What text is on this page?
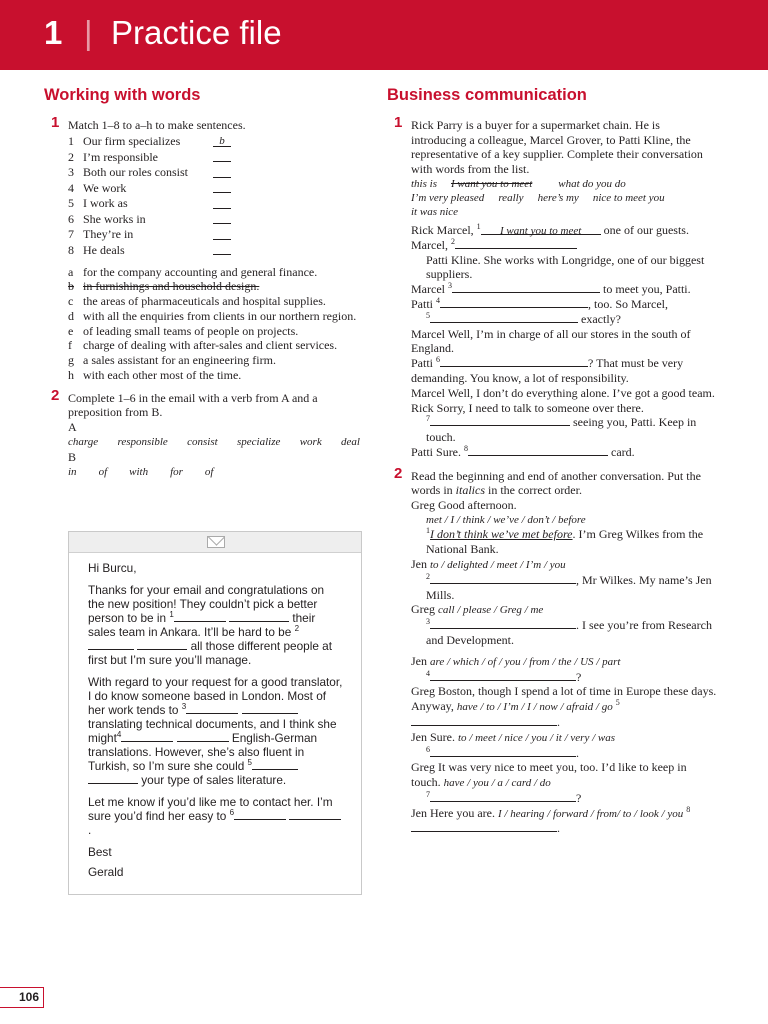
1 | Practice file
Working with words
1 Match 1–8 to a–h to make sentences.
1 Our firm specializes	b
2 I’m responsible
3 Both our roles consist
4 We work
5 I work as
6 She works in
7 They’re in
8 He deals
a for the company accounting and general finance.
b in furnishings and household design.
c the areas of pharmaceuticals and hospital supplies.
d with all the enquiries from clients in our northern region.
e of leading small teams of people on projects.
f charge of dealing with after-sales and client services.
g a sales assistant for an engineering firm.
h with each other most of the time.
2 Complete 1–6 in the email with a verb from A and a preposition from B.
A
charge responsible consist specialize work deal
B
in of with for of

Hi Burcu,

Thanks for your email and congratulations on the new position! They couldn’t pick a better person to be in $^1$	their sales team in Ankara. It’ll be hard to be $^2$  all those different people at first but I’m sure you’ll manage.

With regard to your request for a good translator, I do know someone based in London. Most of her work tends to $^3$  translating technical documents, and I think she might$^4$	English-German translations. However, she’s also fluent in Turkish, so I’m sure she could $^5$  your type of sales literature.

Let me know if you’d like me to contact her. I’m sure you’d find her easy to $^6$ .

Best

Gerald

Business communication
1 Rick Parry is a buyer for a supermarket chain. He is introducing a colleague, Marcel Grover, to Patti Kline, the representative of a key supplier. Complete their conversation with words from the list.
this is I want you to meet what do you do
I’m very pleased really here’s my nice to meet you
it was nice
Rick Marcel, $^1$ I want you to meet one of our guests. Marcel, $^2$
Patti Kline. She works with Longridge, one of our biggest suppliers.
Marcel $^3$	to meet you, Patti.
Patti $^4$	, too. So Marcel,
$^5$	exactly?
Marcel Well, I’m in charge of all our stores in the south of England.
Patti $^6$	? That must be very demanding. You know, a lot of responsibility.
Marcel Well, I don’t do everything alone. I’ve got a good team.
Rick Sorry, I need to talk to someone over there.
$^7$	seeing you, Patti. Keep in touch.
Patti Sure. $^8$	card.
2 Read the beginning and end of another conversation. Put the words in italics in the correct order.
Greg Good afternoon.
met / I / think / we’ve / don’t / before
$^1$I don’t think we’ve met before. I’m Greg Wilkes from the National Bank.
Jen to / delighted / meet / I’m / you
$^2$	, Mr Wilkes. My name’s Jen Mills.
Greg call / please / Greg / me
$^3$	. I see you’re from Research and Development.
Jen are / which / of / you / from / the / US / part
$^4$	?
Greg Boston, though I spend a lot of time in Europe these days. Anyway, have / to / I’m / I / now / afraid / go $^5$.
Jen Sure. to / meet / nice / you / it / very / was
$^6$	.
Greg It was very nice to meet you, too. I’d like to keep in touch. have / you / a / card / do
$^7$	?
Jen Here you are. I / hearing / forward / from/ to / look / you $^8$.
106
